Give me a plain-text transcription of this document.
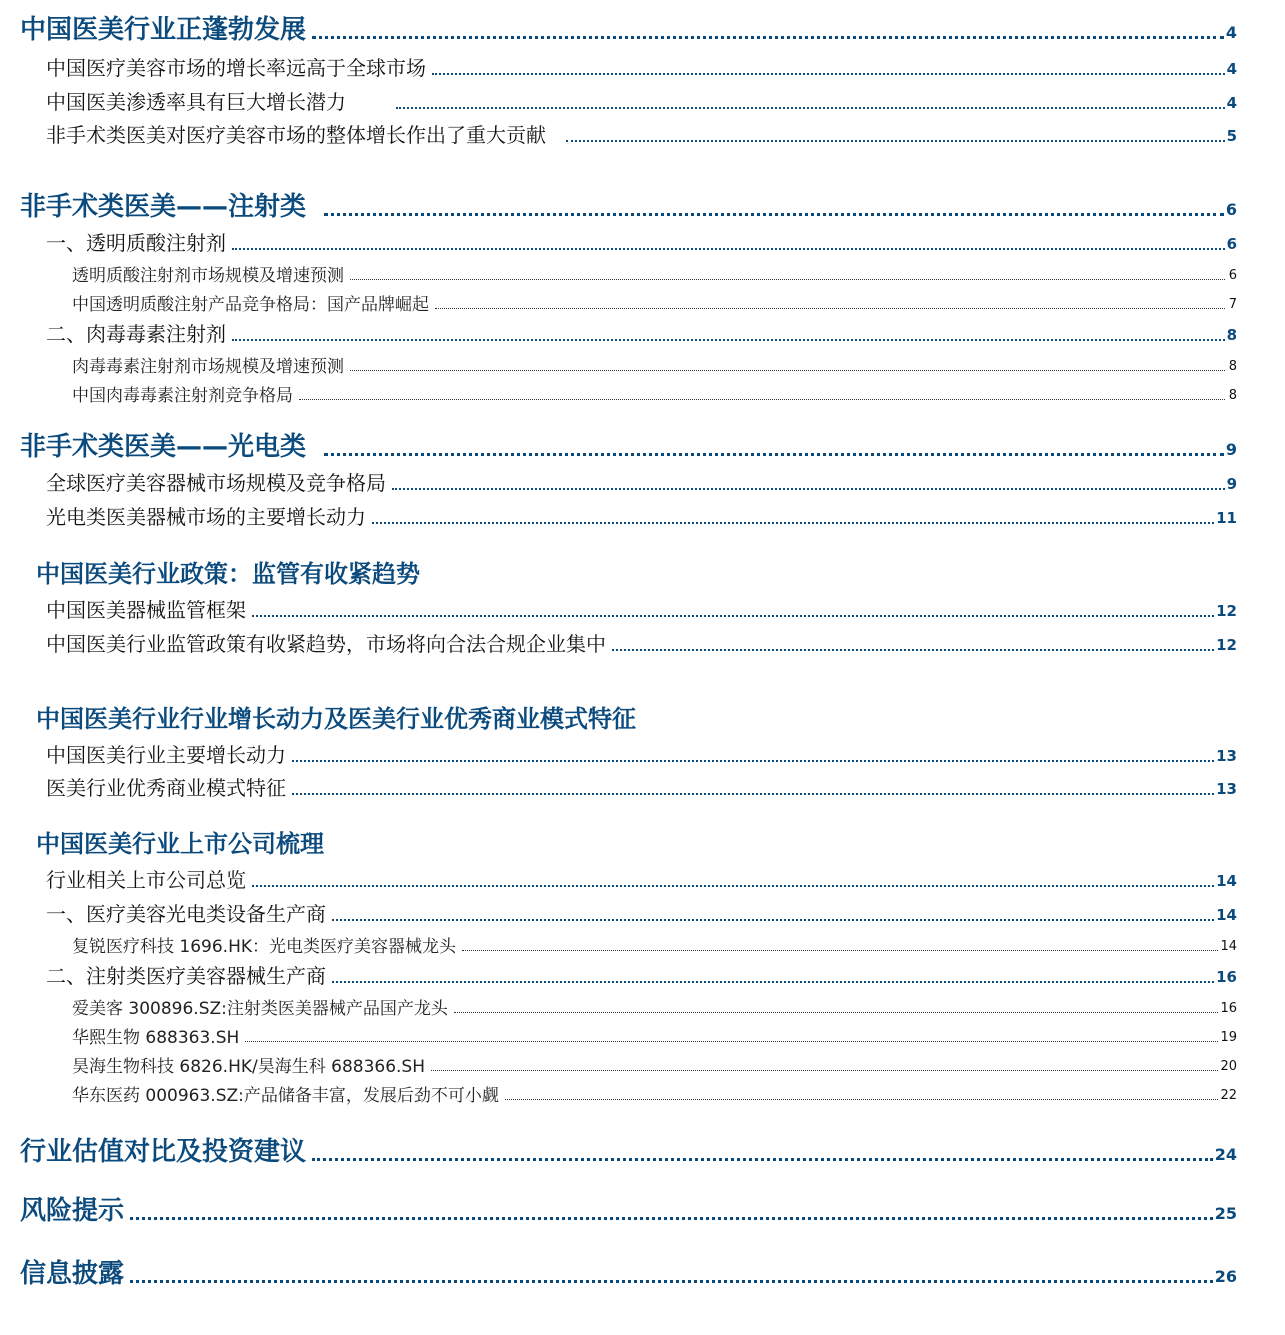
中国医美行业正蓬勃发展	4
中国医疗美容市场的增长率远高于全球市场	4
中国医美渗透率具有巨大增长潜力	4
非手术类医美对医疗美容市场的整体增长作出了重大贡献	5
非手术类医美——注射类	6
一、透明质酸注射剂	6
透明质酸注射剂市场规模及增速预测	6
中国透明质酸注射产品竞争格局：国产品牌崛起	7
二、肉毒毒素注射剂	8
肉毒毒素注射剂市场规模及增速预测	8
中国肉毒毒素注射剂竞争格局	8
非手术类医美——光电类	9
全球医疗美容器械市场规模及竞争格局	9
光电类医美器械市场的主要增长动力	11
中国医美行业政策：监管有收紧趋势
中国医美器械监管框架	12
中国医美行业监管政策有收紧趋势，市场将向合法合规企业集中	12
中国医美行业行业增长动力及医美行业优秀商业模式特征
中国医美行业主要增长动力	13
医美行业优秀商业模式特征	13
中国医美行业上市公司梳理
行业相关上市公司总览	14
一、医疗美容光电类设备生产商	14
复锐医疗科技 1696.HK：光电类医疗美容器械龙头	14
二、注射类医疗美容器械生产商	16
爱美客 300896.SZ:注射类医美器械产品国产龙头	16
华熙生物 688363.SH	19
昊海生物科技 6826.HK/昊海生科 688366.SH	20
华东医药 000963.SZ:产品储备丰富，发展后劲不可小觑	22
行业估值对比及投资建议	24
风险提示	25
信息披露	26
